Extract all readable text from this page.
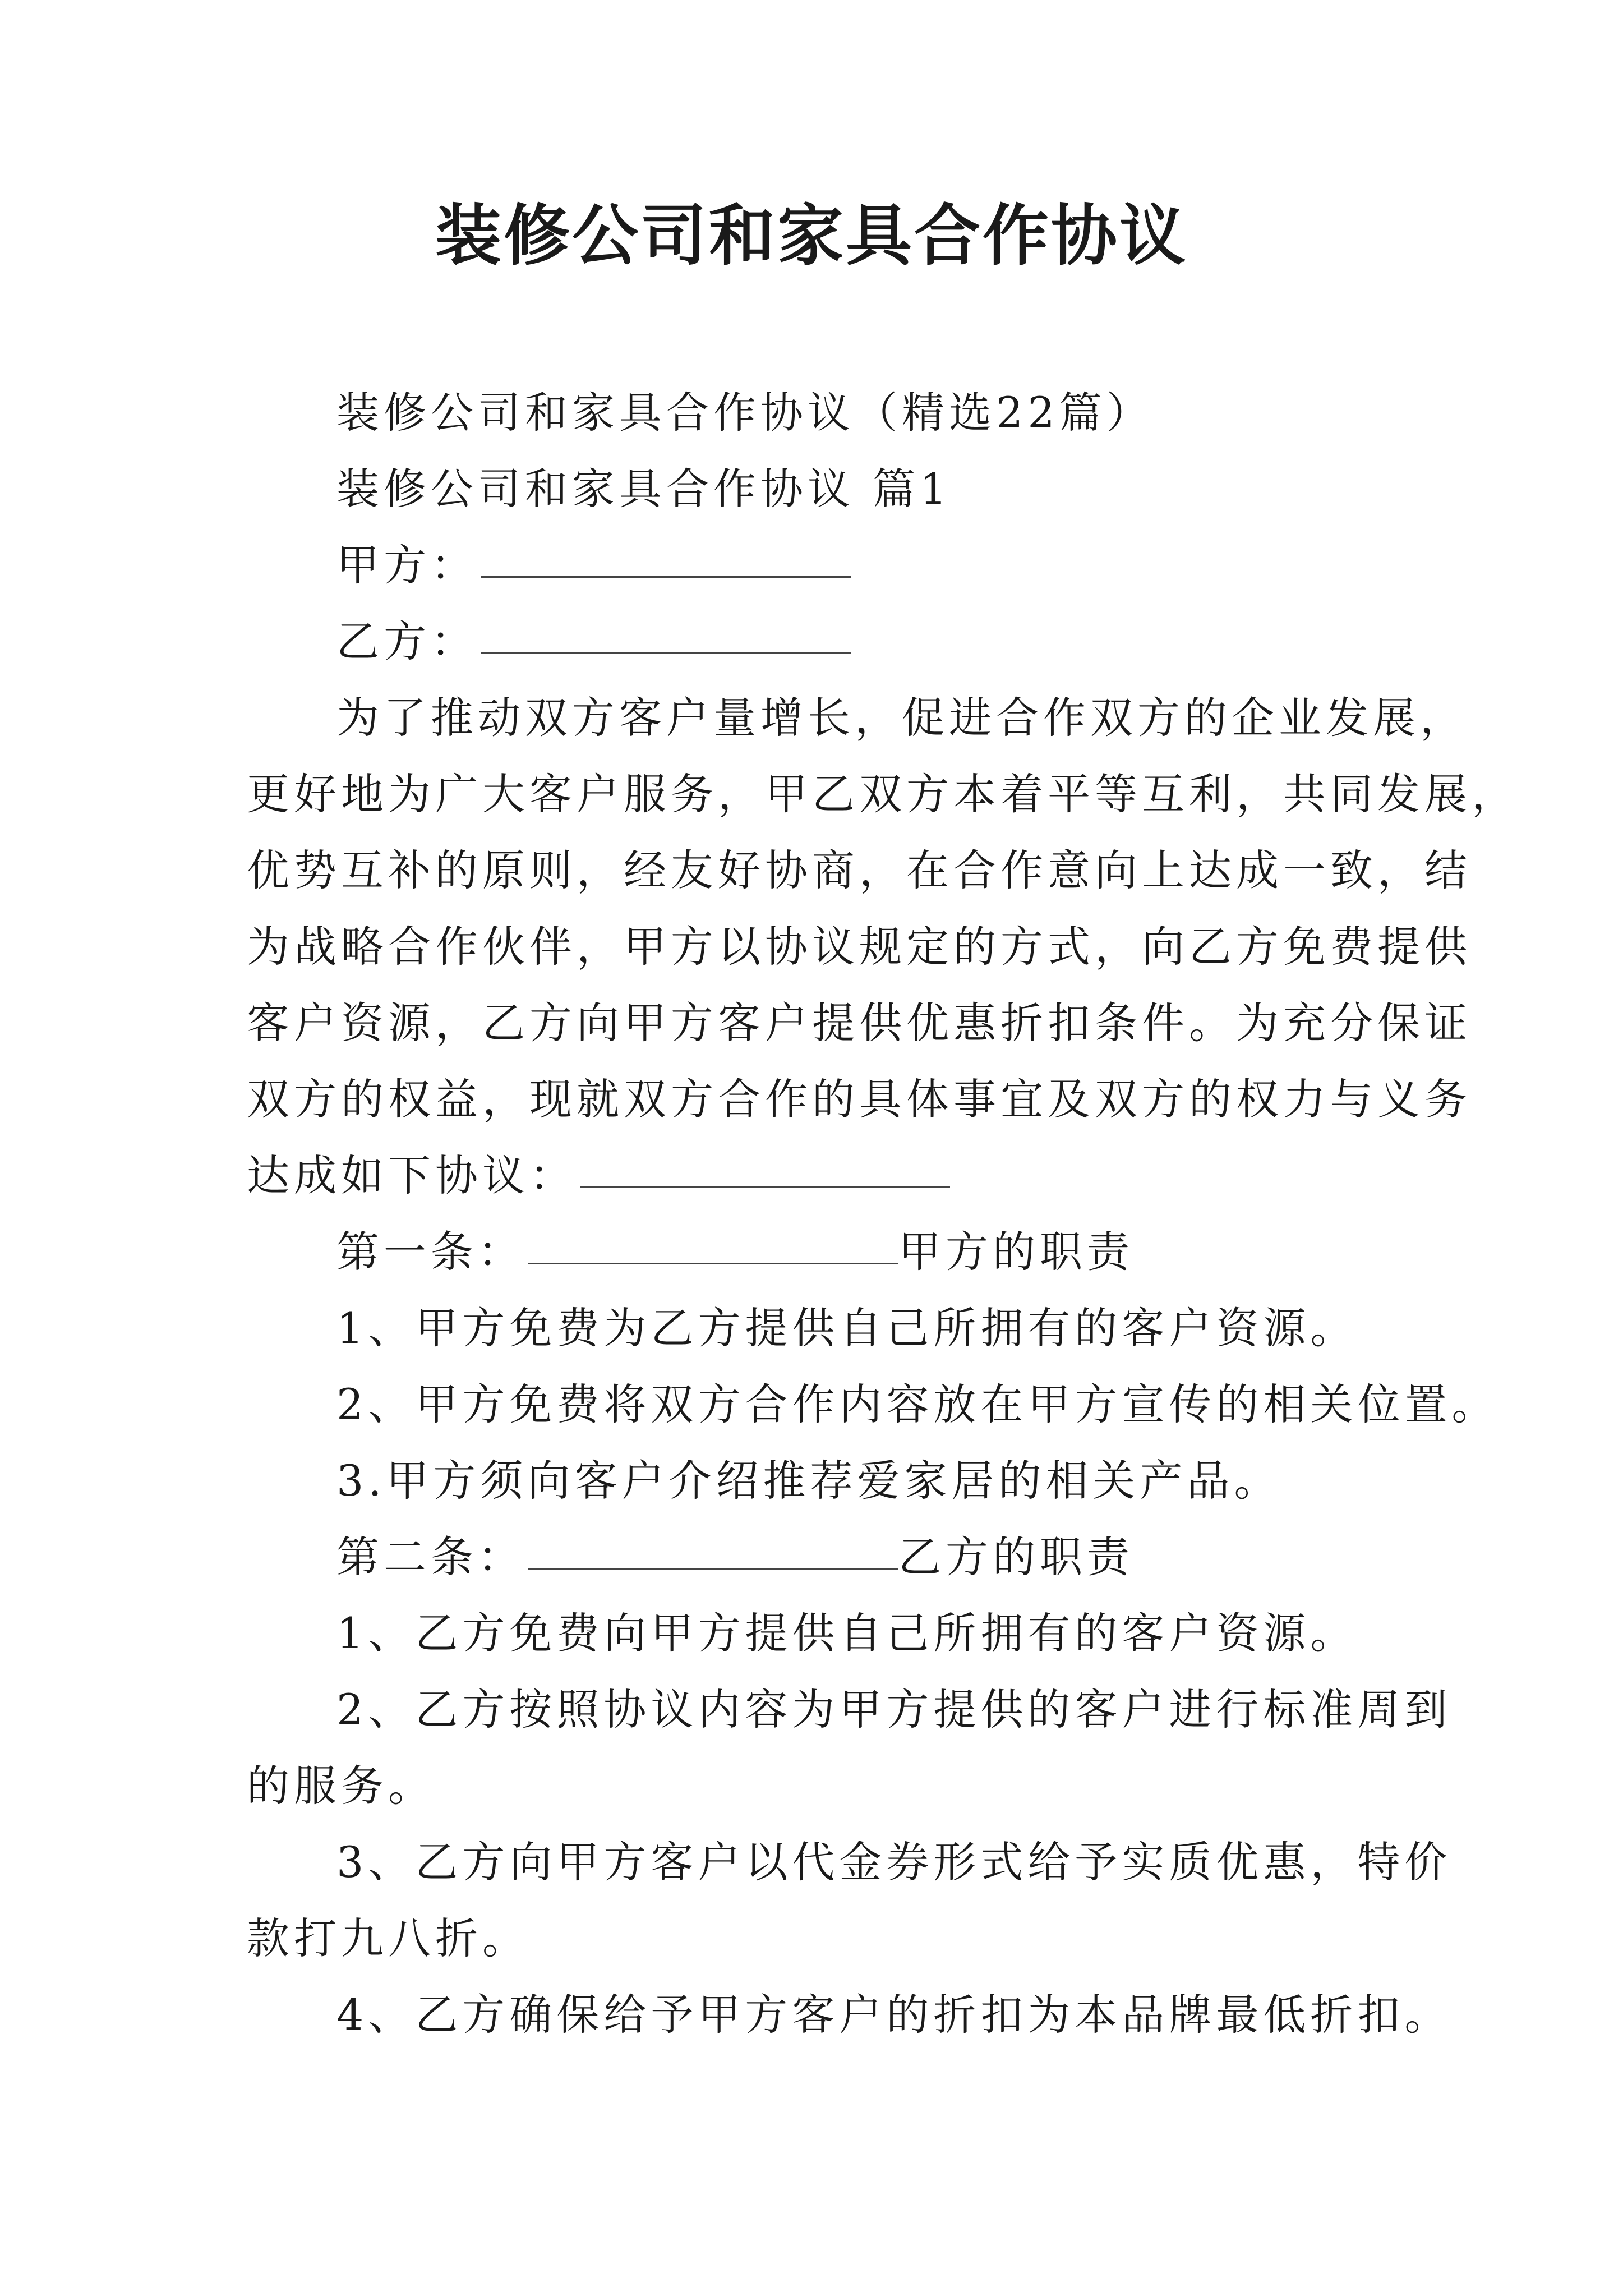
装修公司和家具合作协议
装修公司和家具合作协议（精选22篇）
装修公司和家具合作协议 篇1
甲方：
乙方：
为了推动双方客户量增长，促进合作双方的企业发展，
更好地为广大客户服务，甲乙双方本着平等互利，共同发展，
优势互补的原则，经友好协商，在合作意向上达成一致，结
为战略合作伙伴，甲方以协议规定的方式，向乙方免费提供
客户资源，乙方向甲方客户提供优惠折扣条件。为充分保证
双方的权益，现就双方合作的具体事宜及双方的权力与义务
达成如下协议：
第一条：	甲方的职责
1、甲方免费为乙方提供自己所拥有的客户资源。
2、甲方免费将双方合作内容放在甲方宣传的相关位置。
3.甲方须向客户介绍推荐爱家居的相关产品。
第二条：	乙方的职责
1、乙方免费向甲方提供自己所拥有的客户资源。
2、乙方按照协议内容为甲方提供的客户进行标准周到
的服务。
3、乙方向甲方客户以代金券形式给予实质优惠，特价
款打九八折。
4、乙方确保给予甲方客户的折扣为本品牌最低折扣。
